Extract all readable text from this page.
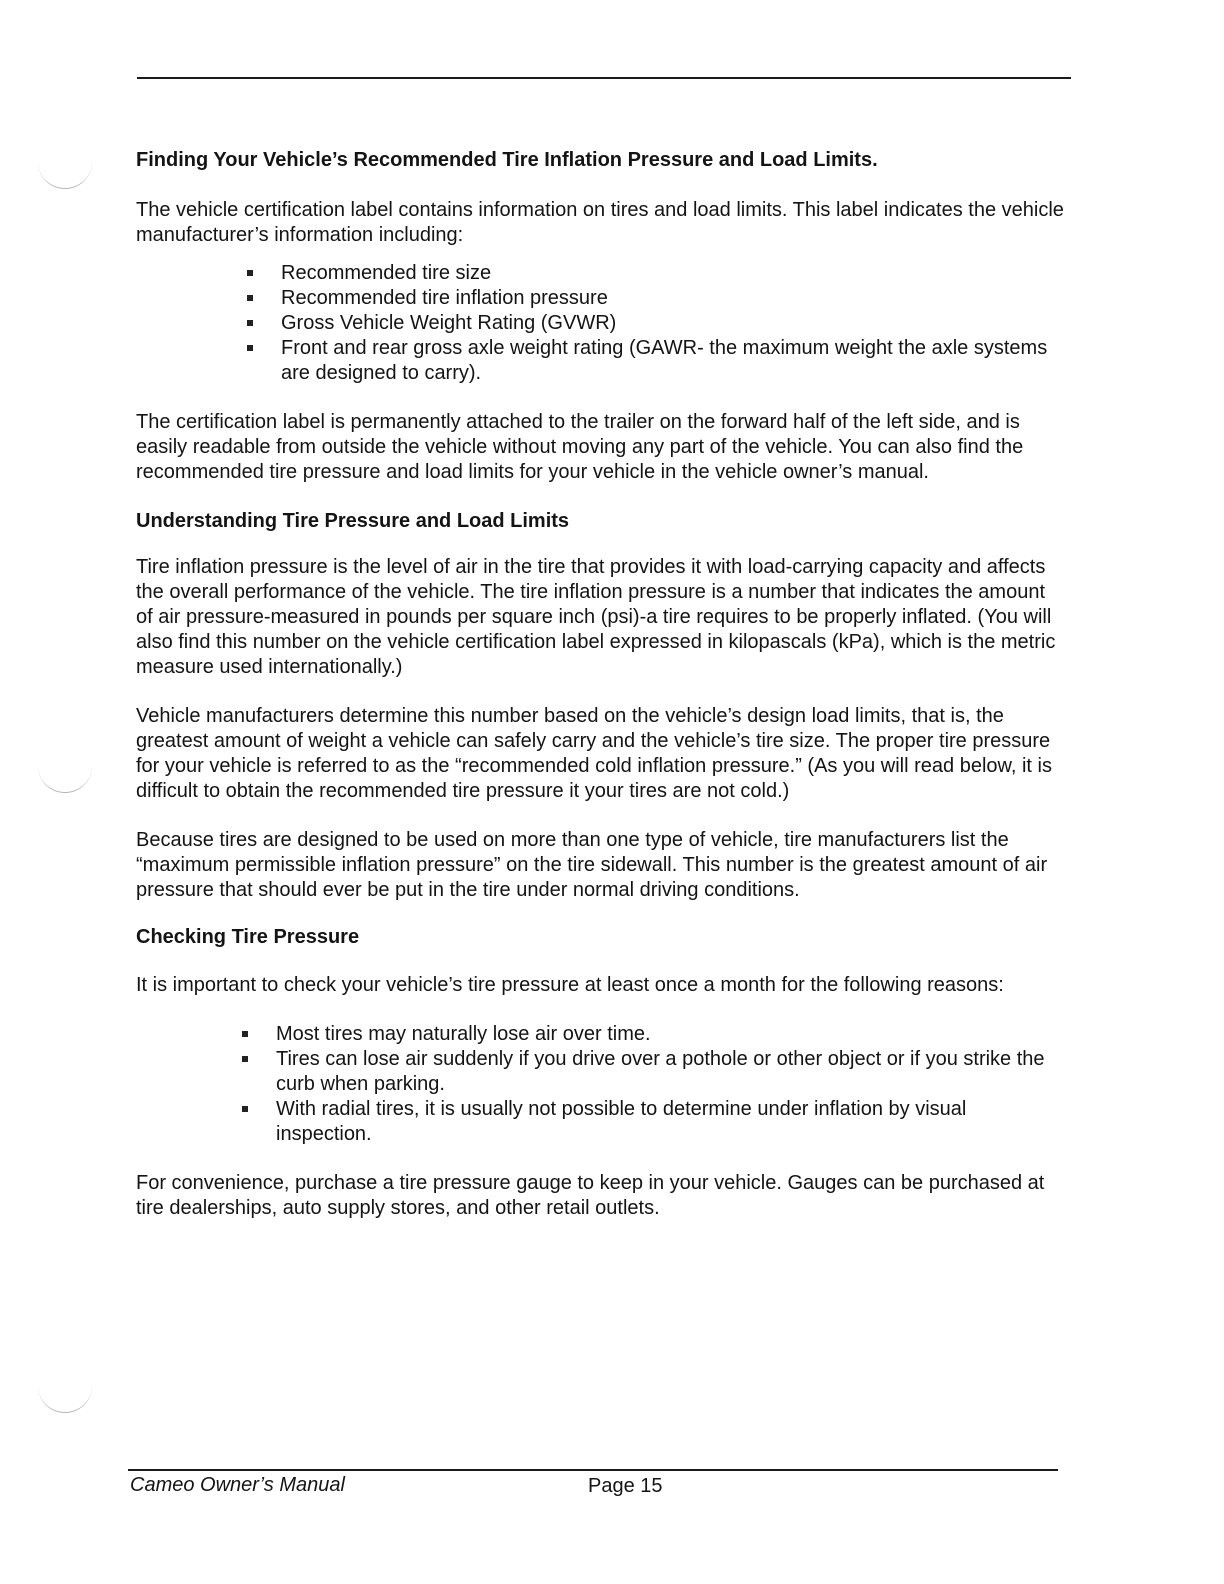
Finding Your Vehicle’s Recommended Tire Inflation Pressure and Load Limits.

The vehicle certification label contains information on tires and load limits. This label indicates the vehicle manufacturer’s information including:

Recommended tire size
Recommended tire inflation pressure
Gross Vehicle Weight Rating (GVWR)
Front and rear gross axle weight rating (GAWR- the maximum weight the axle systems are designed to carry).

The certification label is permanently attached to the trailer on the forward half of the left side, and is easily readable from outside the vehicle without moving any part of the vehicle. You can also find the recommended tire pressure and load limits for your vehicle in the vehicle owner’s manual.

Understanding Tire Pressure and Load Limits

Tire inflation pressure is the level of air in the tire that provides it with load-carrying capacity and affects the overall performance of the vehicle. The tire inflation pressure is a number that indicates the amount of air pressure-measured in pounds per square inch (psi)-a tire requires to be properly inflated. (You will also find this number on the vehicle certification label expressed in kilopascals (kPa), which is the metric measure used internationally.)

Vehicle manufacturers determine this number based on the vehicle’s design load limits, that is, the greatest amount of weight a vehicle can safely carry and the vehicle’s tire size. The proper tire pressure for your vehicle is referred to as the “recommended cold inflation pressure.” (As you will read below, it is difficult to obtain the recommended tire pressure it your tires are not cold.)

Because tires are designed to be used on more than one type of vehicle, tire manufacturers list the “maximum permissible inflation pressure” on the tire sidewall. This number is the greatest amount of air pressure that should ever be put in the tire under normal driving conditions.

Checking Tire Pressure

It is important to check your vehicle’s tire pressure at least once a month for the following reasons:

Most tires may naturally lose air over time.
Tires can lose air suddenly if you drive over a pothole or other object or if you strike the curb when parking.
With radial tires, it is usually not possible to determine under inflation by visual inspection.

For convenience, purchase a tire pressure gauge to keep in your vehicle. Gauges can be purchased at tire dealerships, auto supply stores, and other retail outlets.

Cameo Owner’s Manual	Page 15
